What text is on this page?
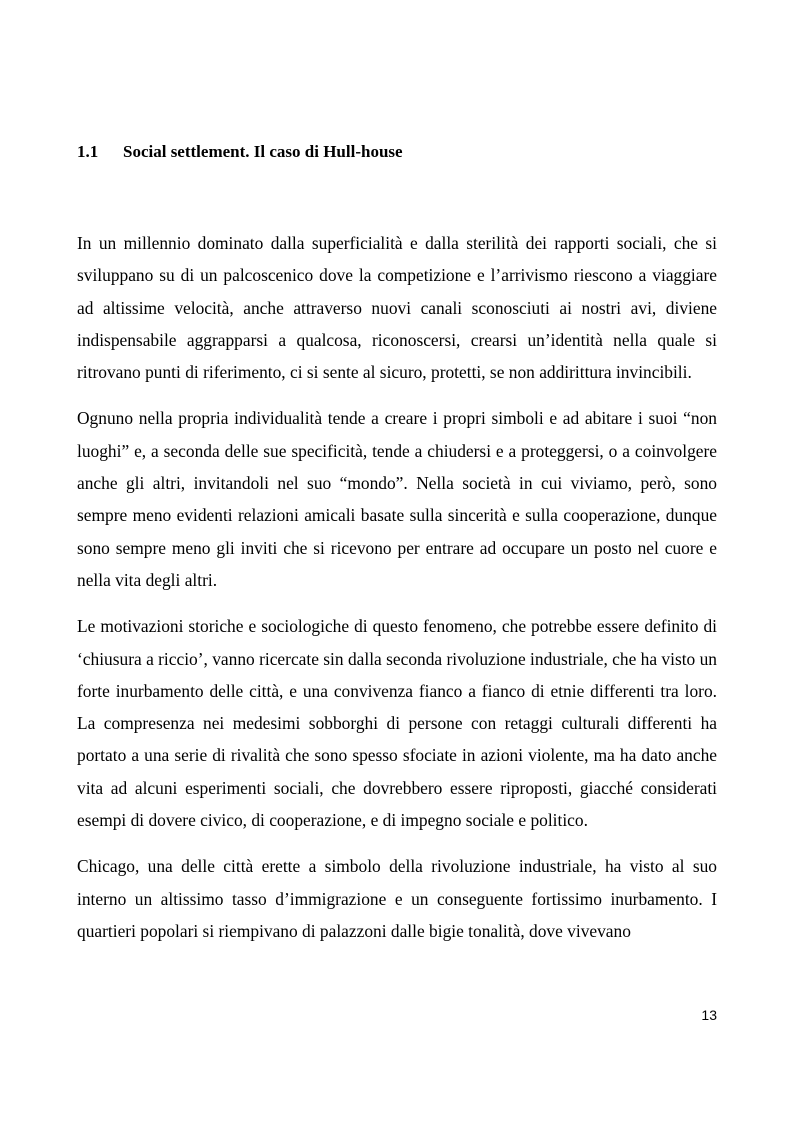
1.1 Social settlement. Il caso di Hull-house

In un millennio dominato dalla superficialità e dalla sterilità dei rapporti sociali, che si sviluppano su di un palcoscenico dove la competizione e l’arrivismo riescono a viaggiare ad altissime velocità, anche attraverso nuovi canali sconosciuti ai nostri avi, diviene indispensabile aggrapparsi a qualcosa, riconoscersi, crearsi un’identità nella quale si ritrovano punti di riferimento, ci si sente al sicuro, protetti, se non addirittura invincibili.

Ognuno nella propria individualità tende a creare i propri simboli e ad abitare i suoi “non luoghi” e, a seconda delle sue specificità, tende a chiudersi e a proteggersi, o a coinvolgere anche gli altri, invitandoli nel suo “mondo”. Nella società in cui viviamo, però, sono sempre meno evidenti relazioni amicali basate sulla sincerità e sulla cooperazione, dunque sono sempre meno gli inviti che si ricevono per entrare ad occupare un posto nel cuore e nella vita degli altri.

Le motivazioni storiche e sociologiche di questo fenomeno, che potrebbe essere definito di ‘chiusura a riccio’, vanno ricercate sin dalla seconda rivoluzione industriale, che ha visto un forte inurbamento delle città, e una convivenza fianco a fianco di etnie differenti tra loro. La compresenza nei medesimi sobborghi di persone con retaggi culturali differenti ha portato a una serie di rivalità che sono spesso sfociate in azioni violente, ma ha dato anche vita ad alcuni esperimenti sociali, che dovrebbero essere riproposti, giacché considerati esempi di dovere civico, di cooperazione, e di impegno sociale e politico.

Chicago, una delle città erette a simbolo della rivoluzione industriale, ha visto al suo interno un altissimo tasso d’immigrazione e un conseguente fortissimo inurbamento. I quartieri popolari si riempivano di palazzoni dalle bigie tonalità, dove vivevano

13
